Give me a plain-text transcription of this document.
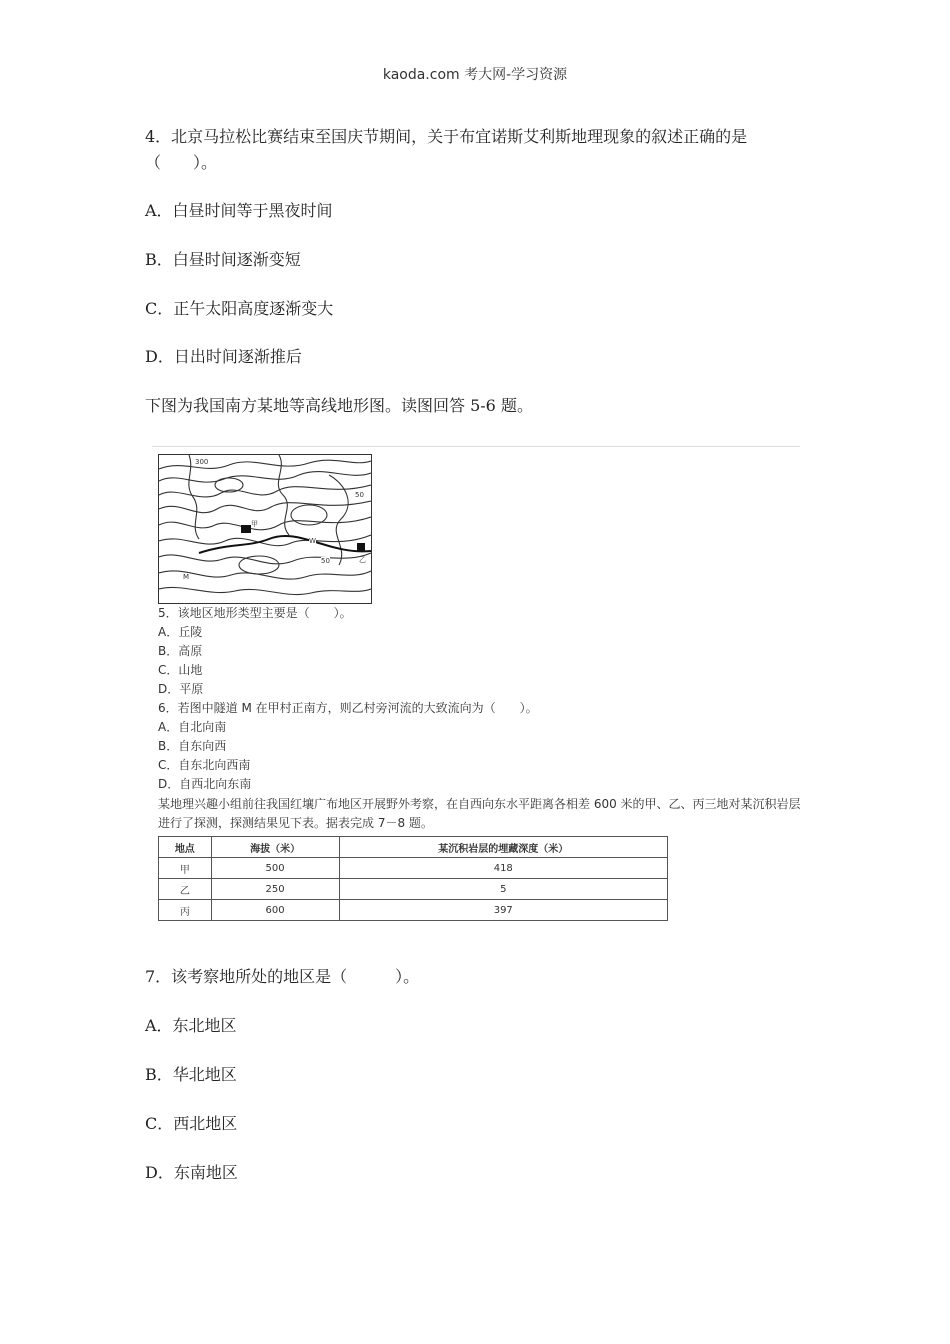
kaoda.com 考大网-学习资源
4．北京马拉松比赛结束至国庆节期间，关于布宜诺斯艾利斯地理现象的叙述正确的是（　　）。
A．白昼时间等于黑夜时间
B．白昼时间逐渐变短
C．正午太阳高度逐渐变大
D．日出时间逐渐推后
下图为我国南方某地等高线地形图。读图回答 5-6 题。
300
50
50
W
M
甲
乙
5．该地区地形类型主要是（　　）。
A．丘陵
B．高原
C．山地
D．平原
6．若图中隧道 M 在甲村正南方，则乙村旁河流的大致流向为（　　）。
A．自北向南
B．自东向西
C．自东北向西南
D．自西北向东南
某地理兴趣小组前往我国红壤广布地区开展野外考察，在自西向东水平距离各相差 600 米的甲、乙、丙三地对某沉积岩层进行了探测，探测结果见下表。据表完成 7－8 题。
地点	海拔（米）	某沉积岩层的埋藏深度（米）
甲	500	418
乙	250	5
丙	600	397
7．该考察地所处的地区是（　　　）。
A．东北地区
B．华北地区
C．西北地区
D．东南地区
